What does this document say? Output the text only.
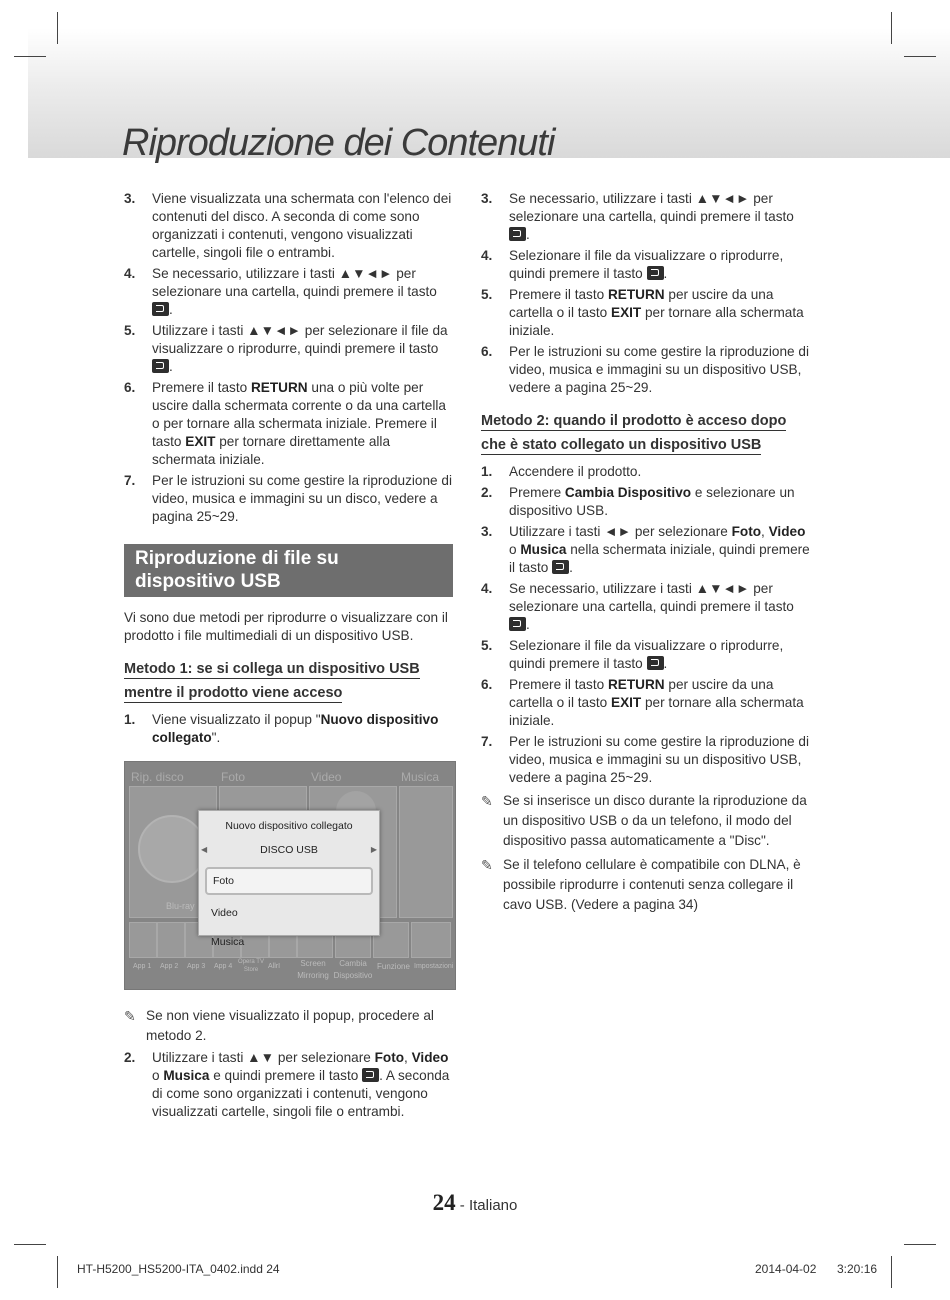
Riproduzione dei Contenuti
3. Viene visualizzata una schermata con l'elenco dei contenuti del disco. A seconda di come sono organizzati i contenuti, vengono visualizzati cartelle, singoli file o entrambi.
4. Se necessario, utilizzare i tasti ▲▼◄► per selezionare una cartella, quindi premere il tasto
.
5. Utilizzare i tasti ▲▼◄► per selezionare il file da visualizzare o riprodurre, quindi premere il tasto
.
6. Premere il tasto RETURN una o più volte per uscire dalla schermata corrente o da una cartella o per tornare alla schermata iniziale. Premere il tasto EXIT per tornare direttamente alla schermata iniziale.
7. Per le istruzioni su come gestire la riproduzione di video, musica e immagini su un disco, vedere a pagina 25~29.
Riproduzione di file su dispositivo USB

Vi sono due metodi per riprodurre o visualizzare con il prodotto i file multimediali di un dispositivo USB.

Metodo 1: se si collega un dispositivo USB mentre il prodotto viene acceso
1. Viene visualizzato il popup "Nuovo dispositivo collegato".
Rip. disco	Foto	Video	Musica
Blu-ray
App 1 App 2 App 3 App 4
Opera TV Store	AllrI	Screen Mirroring
Cambia Dispositivo
Funzione Impostazioni
Nuovo dispositivo collegato
◀	DISCO USB	▶
Foto
Video
Musica
✎ Se non viene visualizzato il popup, procedere al metodo 2.
2. Utilizzare i tasti ▲▼ per selezionare Foto, Video o Musica e quindi premere il tasto . A seconda di come sono organizzati i contenuti, vengono visualizzati cartelle, singoli file o entrambi.
3. Se necessario, utilizzare i tasti ▲▼◄► per selezionare una cartella, quindi premere il tasto
.
4. Selezionare il file da visualizzare o riprodurre, quindi premere il tasto .
5. Premere il tasto RETURN per uscire da una cartella o il tasto EXIT per tornare alla schermata iniziale.
6. Per le istruzioni su come gestire la riproduzione di video, musica e immagini su un dispositivo USB, vedere a pagina 25~29.
Metodo 2: quando il prodotto è acceso dopo che è stato collegato un dispositivo USB
1. Accendere il prodotto.
2. Premere Cambia Dispositivo e selezionare un dispositivo USB.
3. Utilizzare i tasti ◄► per selezionare Foto, Video o Musica nella schermata iniziale, quindi premere il tasto .
4. Se necessario, utilizzare i tasti ▲▼◄► per selezionare una cartella, quindi premere il tasto
.
5. Selezionare il file da visualizzare o riprodurre, quindi premere il tasto .
6. Premere il tasto RETURN per uscire da una cartella o il tasto EXIT per tornare alla schermata iniziale.
7. Per le istruzioni su come gestire la riproduzione di video, musica e immagini su un dispositivo USB, vedere a pagina 25~29.
✎ Se si inserisce un disco durante la riproduzione da un dispositivo USB o da un telefono, il modo del dispositivo passa automaticamente a "Disc".
✎ Se il telefono cellulare è compatibile con DLNA, è possibile riprodurre i contenuti senza collegare il cavo USB. (Vedere a pagina 34)
24 - Italiano
HT-H5200_HS5200-ITA_0402.indd 24	2014-04-02 3:20:16
